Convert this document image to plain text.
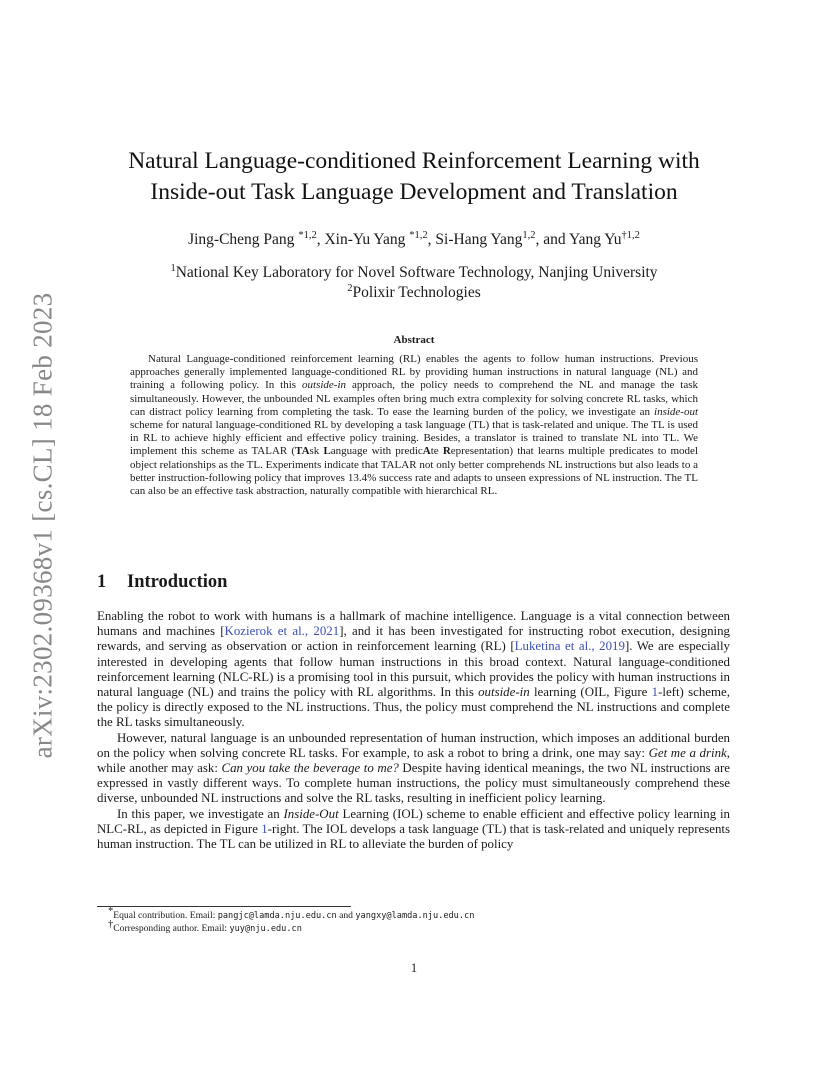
arXiv:2302.09368v1 [cs.CL] 18 Feb 2023
Natural Language-conditioned Reinforcement Learning with
Inside-out Task Language Development and Translation
Jing-Cheng Pang $^{*1,2}$, Xin-Yu Yang $^{*1,2}$, Si-Hang Yang$^{1,2}$, and Yang Yu$^{\dagger 1,2}$
$^1$National Key Laboratory for Novel Software Technology, Nanjing University
$^2$Polixir Technologies
Abstract
Natural Language-conditioned reinforcement learning (RL) enables the agents to follow human instructions. Previous approaches generally implemented language-conditioned RL by providing human instructions in natural language (NL) and training a following policy. In this outside-in approach, the policy needs to comprehend the NL and manage the task simultaneously. However, the unbounded NL examples often bring much extra complexity for solving concrete RL tasks, which can distract policy learning from completing the task. To ease the learning burden of the policy, we investigate an inside-out scheme for natural language-conditioned RL by developing a task language (TL) that is task-related and unique. The TL is used in RL to achieve highly efficient and effective policy training. Besides, a translator is trained to translate NL into TL. We implement this scheme as TALAR (TAsk Language with predicAte Representation) that learns multiple predicates to model object relationships as the TL. Experiments indicate that TALAR not only better comprehends NL instructions but also leads to a better instruction-following policy that improves 13.4% success rate and adapts to unseen expressions of NL instruction. The TL can also be an effective task abstraction, naturally compatible with hierarchical RL.
1 Introduction

Enabling the robot to work with humans is a hallmark of machine intelligence. Language is a vital connection between humans and machines [Kozierok et al., 2021], and it has been investigated for instructing robot execution, designing rewards, and serving as observation or action in reinforcement learning (RL) [Luketina et al., 2019]. We are especially interested in developing agents that follow human instructions in this broad context. Natural language-conditioned reinforcement learning (NLC-RL) is a promising tool in this pursuit, which provides the policy with human instructions in natural language (NL) and trains the policy with RL algorithms. In this outside-in learning (OIL, Figure 1-left) scheme, the policy is directly exposed to the NL instructions. Thus, the policy must comprehend the NL instructions and complete the RL tasks simultaneously.

However, natural language is an unbounded representation of human instruction, which imposes an additional burden on the policy when solving concrete RL tasks. For example, to ask a robot to bring a drink, one may say: Get me a drink, while another may ask: Can you take the beverage to me? Despite having identical meanings, the two NL instructions are expressed in vastly different ways. To complete human instructions, the policy must simultaneously comprehend these diverse, unbounded NL instructions and solve the RL tasks, resulting in inefficient policy learning.

In this paper, we investigate an Inside-Out Learning (IOL) scheme to enable efficient and effective policy learning in NLC-RL, as depicted in Figure 1-right. The IOL develops a task language (TL) that is task-related and uniquely represents human instruction. The TL can be utilized in RL to alleviate the burden of policy

*Equal contribution. Email: pangjc@lamda.nju.edu.cn and yangxy@lamda.nju.edu.cn
†Corresponding author. Email: yuy@nju.edu.cn
1
